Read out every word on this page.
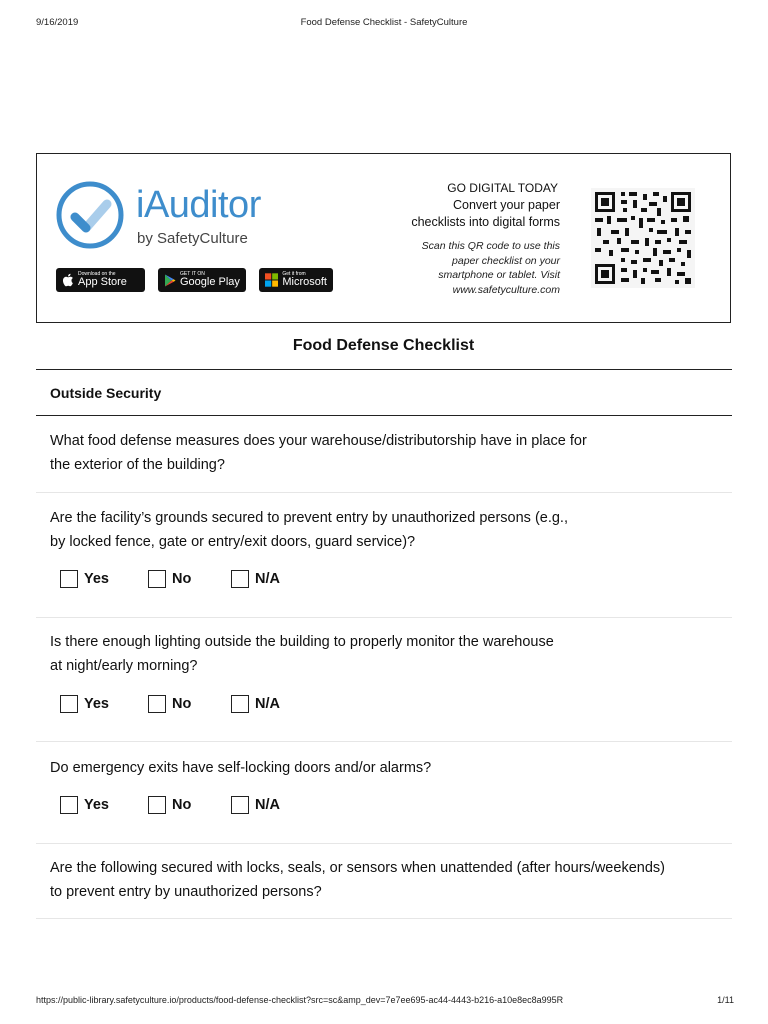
9/16/2019	Food Defense Checklist - SafetyCulture
iAuditor
by SafetyCulture
Download on the
App Store
GET IT ON
Google Play
Get it from
Microsoft
GO DIGITAL TODAY
Convert your paper
checklists into digital forms
Scan this QR code to use this
paper checklist on your
smartphone or tablet. Visit
www.safetyculture.com
Food Defense Checklist
Outside Security
What food defense measures does your warehouse/distributorship have in place for
the exterior of the building?
Are the facility’s grounds secured to prevent entry by unauthorized persons (e.g.,
by locked fence, gate or entry/exit doors, guard service)?
Yes	No	N/A
Is there enough lighting outside the building to properly monitor the warehouse
at night/early morning?
Yes	No	N/A
Do emergency exits have self-locking doors and/or alarms?
Yes	No	N/A
Are the following secured with locks, seals, or sensors when unattended (after hours/weekends)
to prevent entry by unauthorized persons?
https://public-library.safetyculture.io/products/food-defense-checklist?src=sc&amp_dev=7e7ee695-ac44-4443-b216-a10e8ec8a995R	1/11
